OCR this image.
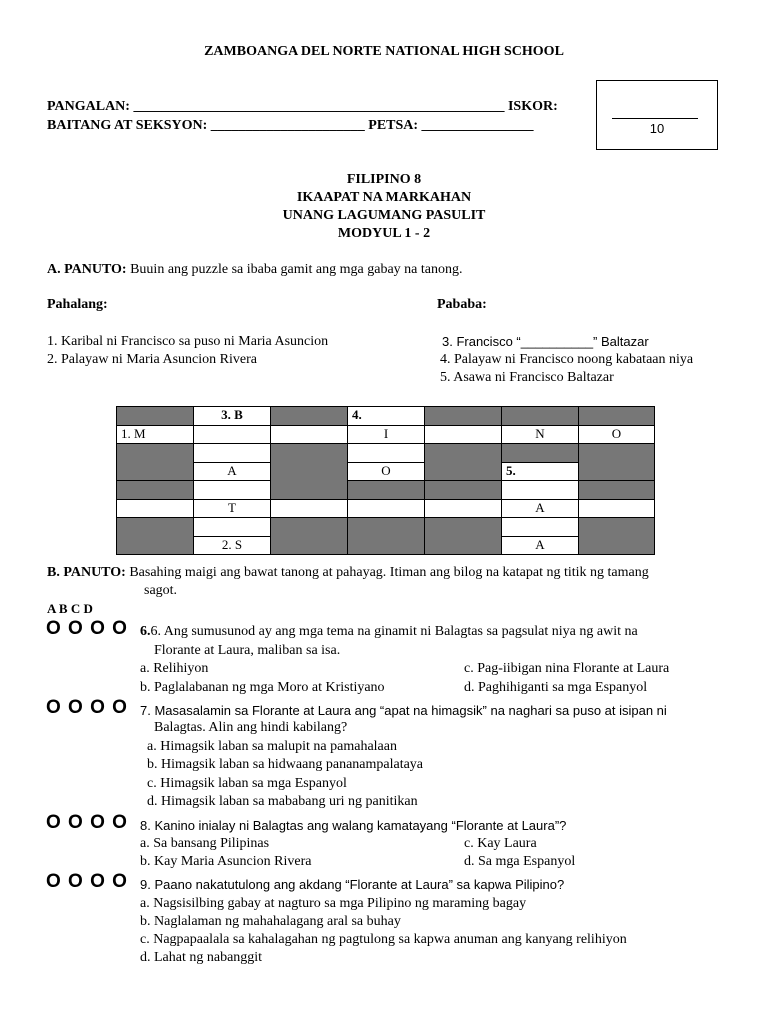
ZAMBOANGA DEL NORTE NATIONAL HIGH SCHOOL
PANGALAN: _____________________________________________________ ISKOR:
BAITANG AT SEKSYON: ______________________ PETSA: ________________	10
FILIPINO 8
IKAAPAT NA MARKAHAN
UNANG LAGUMANG PASULIT
MODYUL 1 - 2
A. PANUTO: Buuin ang puzzle sa ibaba gamit ang mga gabay na tanong.
Pahalang:	Pababa:
1. Karibal ni Francisco sa puso ni Maria Asuncion
2. Palayaw ni Maria Asuncion Rivera
3. Francisco “__________” Baltazar
4. Palayaw ni Francisco noong kabataan niya
5. Asawa ni Francisco Baltazar
	3. B		4.			
1. M			I		N	O

	A		O		5.	

	T				A	

	2. S				A	
B. PANUTO: Basahing maigi ang bawat tanong at pahayag. Itiman ang bilog na katapat ng titik ng tamang
sagot.
A B C D
O O O O 6.6. Ang sumusunod ay ang mga tema na ginamit ni Balagtas sa pagsulat niya ng awit na
Florante at Laura, maliban sa isa.
a. Relihiyon
b. Paglalabanan ng mga Moro at Kristiyano
c. Pag-iibigan nina Florante at Laura
d. Paghihiganti sa mga Espanyol
O O O O 7. Masasalamin sa Florante at Laura ang “apat na himagsik” na naghari sa puso at isipan ni
Balagtas. Alin ang hindi kabilang?
a. Himagsik laban sa malupit na pamahalaan
b. Himagsik laban sa hidwaang pananampalataya
c. Himagsik laban sa mga Espanyol
d. Himagsik laban sa mababang uri ng panitikan
O O O O 8. Kanino inialay ni Balagtas ang walang kamatayang “Florante at Laura”?
a. Sa bansang Pilipinas
b. Kay Maria Asuncion Rivera
c. Kay Laura
d. Sa mga Espanyol
O O O O 9. Paano nakatutulong ang akdang “Florante at Laura” sa kapwa Pilipino?
a. Nagsisilbing gabay at nagturo sa mga Pilipino ng maraming bagay
b. Naglalaman ng mahahalagang aral sa buhay
c. Nagpapaalala sa kahalagahan ng pagtulong sa kapwa anuman ang kanyang relihiyon
d. Lahat ng nabanggit
